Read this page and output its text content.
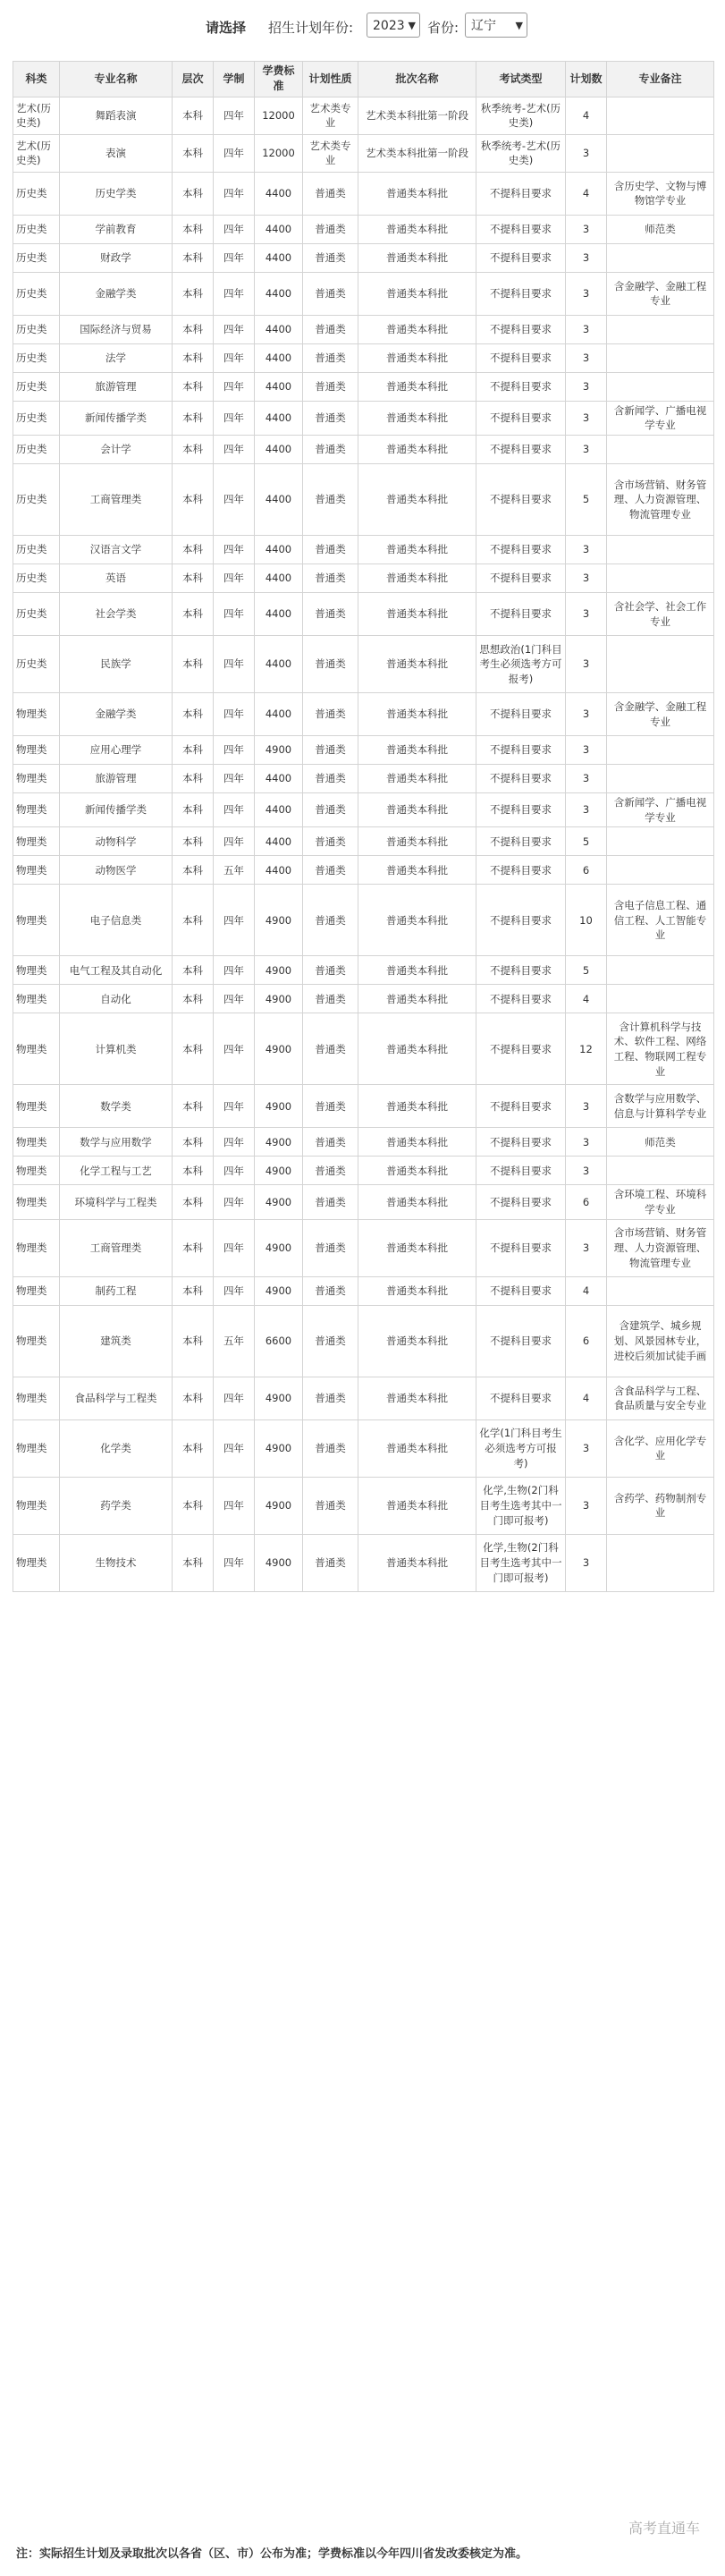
请选择 招生计划年份:	2023 ▼ 省份: 辽宁 ▼
科类	专业名称	层次	学制	学费标准	计划性质	批次名称	考试类型	计划数	专业备注
艺术(历史类)	舞蹈表演	本科	四年	12000	艺术类专业	艺术类本科批第一阶段	秋季统考-艺术(历史类)	4	
艺术(历史类)	表演	本科	四年	12000	艺术类专业	艺术类本科批第一阶段	秋季统考-艺术(历史类)	3	
历史类	历史学类	本科	四年	4400	普通类	普通类本科批	不提科目要求	4	含历史学、文物与博物馆学专业
历史类	学前教育	本科	四年	4400	普通类	普通类本科批	不提科目要求	3	师范类
历史类	财政学	本科	四年	4400	普通类	普通类本科批	不提科目要求	3	
历史类	金融学类	本科	四年	4400	普通类	普通类本科批	不提科目要求	3	含金融学、金融工程专业
历史类	国际经济与贸易	本科	四年	4400	普通类	普通类本科批	不提科目要求	3	
历史类	法学	本科	四年	4400	普通类	普通类本科批	不提科目要求	3	
历史类	旅游管理	本科	四年	4400	普通类	普通类本科批	不提科目要求	3	
历史类	新闻传播学类	本科	四年	4400	普通类	普通类本科批	不提科目要求	3	含新闻学、广播电视学专业
历史类	会计学	本科	四年	4400	普通类	普通类本科批	不提科目要求	3	
历史类	工商管理类	本科	四年	4400	普通类	普通类本科批	不提科目要求	5	含市场营销、财务管理、人力资源管理、物流管理专业
历史类	汉语言文学	本科	四年	4400	普通类	普通类本科批	不提科目要求	3	
历史类	英语	本科	四年	4400	普通类	普通类本科批	不提科目要求	3	
历史类	社会学类	本科	四年	4400	普通类	普通类本科批	不提科目要求	3	含社会学、社会工作专业
历史类	民族学	本科	四年	4400	普通类	普通类本科批	思想政治(1门科目考生必须选考方可报考)	3	
物理类	金融学类	本科	四年	4400	普通类	普通类本科批	不提科目要求	3	含金融学、金融工程专业
物理类	应用心理学	本科	四年	4900	普通类	普通类本科批	不提科目要求	3	
物理类	旅游管理	本科	四年	4400	普通类	普通类本科批	不提科目要求	3	
物理类	新闻传播学类	本科	四年	4400	普通类	普通类本科批	不提科目要求	3	含新闻学、广播电视学专业
物理类	动物科学	本科	四年	4400	普通类	普通类本科批	不提科目要求	5	
物理类	动物医学	本科	五年	4400	普通类	普通类本科批	不提科目要求	6	
物理类	电子信息类	本科	四年	4900	普通类	普通类本科批	不提科目要求	10	含电子信息工程、通信工程、人工智能专业
物理类	电气工程及其自动化	本科	四年	4900	普通类	普通类本科批	不提科目要求	5	
物理类	自动化	本科	四年	4900	普通类	普通类本科批	不提科目要求	4	
物理类	计算机类	本科	四年	4900	普通类	普通类本科批	不提科目要求	12	含计算机科学与技术、软件工程、网络工程、物联网工程专业
物理类	数学类	本科	四年	4900	普通类	普通类本科批	不提科目要求	3	含数学与应用数学、信息与计算科学专业
物理类	数学与应用数学	本科	四年	4900	普通类	普通类本科批	不提科目要求	3	师范类
物理类	化学工程与工艺	本科	四年	4900	普通类	普通类本科批	不提科目要求	3	
物理类	环境科学与工程类	本科	四年	4900	普通类	普通类本科批	不提科目要求	6	含环境工程、环境科学专业
物理类	工商管理类	本科	四年	4900	普通类	普通类本科批	不提科目要求	3	含市场营销、财务管理、人力资源管理、物流管理专业
物理类	制药工程	本科	四年	4900	普通类	普通类本科批	不提科目要求	4	
物理类	建筑类	本科	五年	6600	普通类	普通类本科批	不提科目要求	6	含建筑学、城乡规划、风景园林专业，进校后须加试徒手画
物理类	食品科学与工程类	本科	四年	4900	普通类	普通类本科批	不提科目要求	4	含食品科学与工程、食品质量与安全专业
物理类	化学类	本科	四年	4900	普通类	普通类本科批	化学(1门科目考生必须选考方可报考)	3	含化学、应用化学专业
物理类	药学类	本科	四年	4900	普通类	普通类本科批	化学,生物(2门科目考生选考其中一门即可报考)	3	含药学、药物制剂专业
物理类	生物技术	本科	四年	4900	普通类	普通类本科批	化学,生物(2门科目考生选考其中一门即可报考)	3	
高考直通车
注：实际招生计划及录取批次以各省（区、市）公布为准；学费标准以今年四川省发改委核定为准。
